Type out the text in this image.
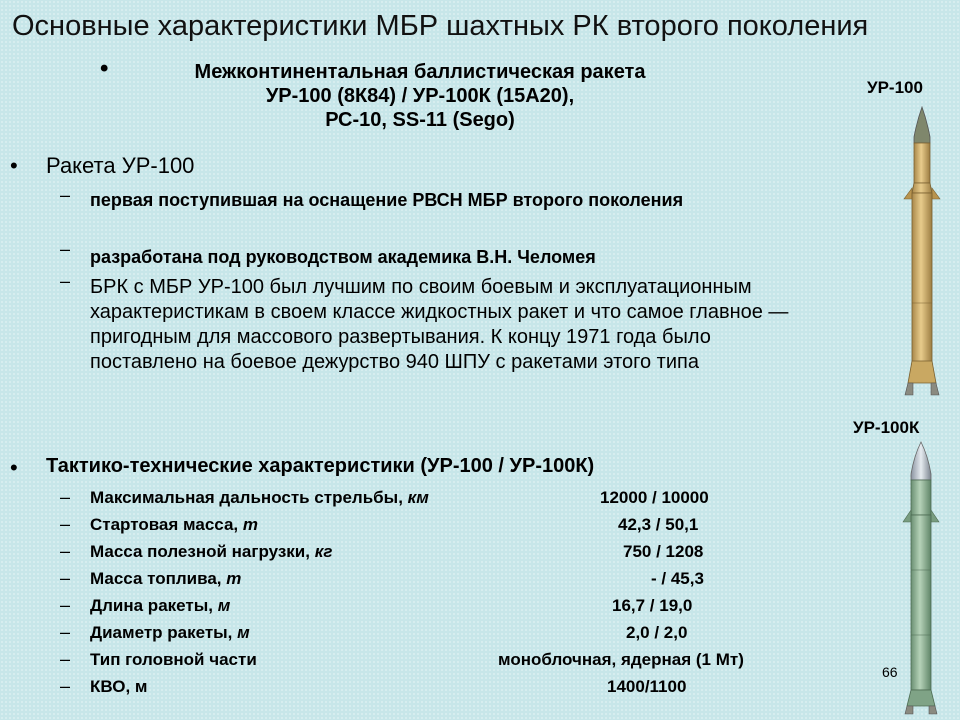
Основные характеристики МБР шахтных РК второго поколения
•	Межконтинентальная баллистическая ракета
УР-100 (8К84) / УР-100К (15А20),
РС-10, SS-11 (Sego)
• Ракета УР-100
– первая поступившая на оснащение РВСН МБР второго поколения
– разработана под руководством академика В.Н. Челомея
– БРК с МБР УР-100 был лучшим по своим боевым и эксплуатационным характеристикам в своем классе жидкостных ракет и что самое главное — пригодным для массового развертывания. К концу 1971 года было поставлено на боевое дежурство 940 ШПУ с ракетами этого типа
• Тактико-технические характеристики (УР-100 / УР-100К)
– Максимальная дальность стрельбы, км	12000 / 10000
– Стартовая масса, т	42,3 / 50,1
– Масса полезной нагрузки, кг	750 / 1208
– Масса топлива, т	- / 45,3
– Длина ракеты, м	16,7 / 19,0
– Диаметр ракеты, м	2,0 / 2,0
– Тип головной части	моноблочная, ядерная (1 Мт)
– КВО, м	1400/1100
УР-100
УР-100К
66
